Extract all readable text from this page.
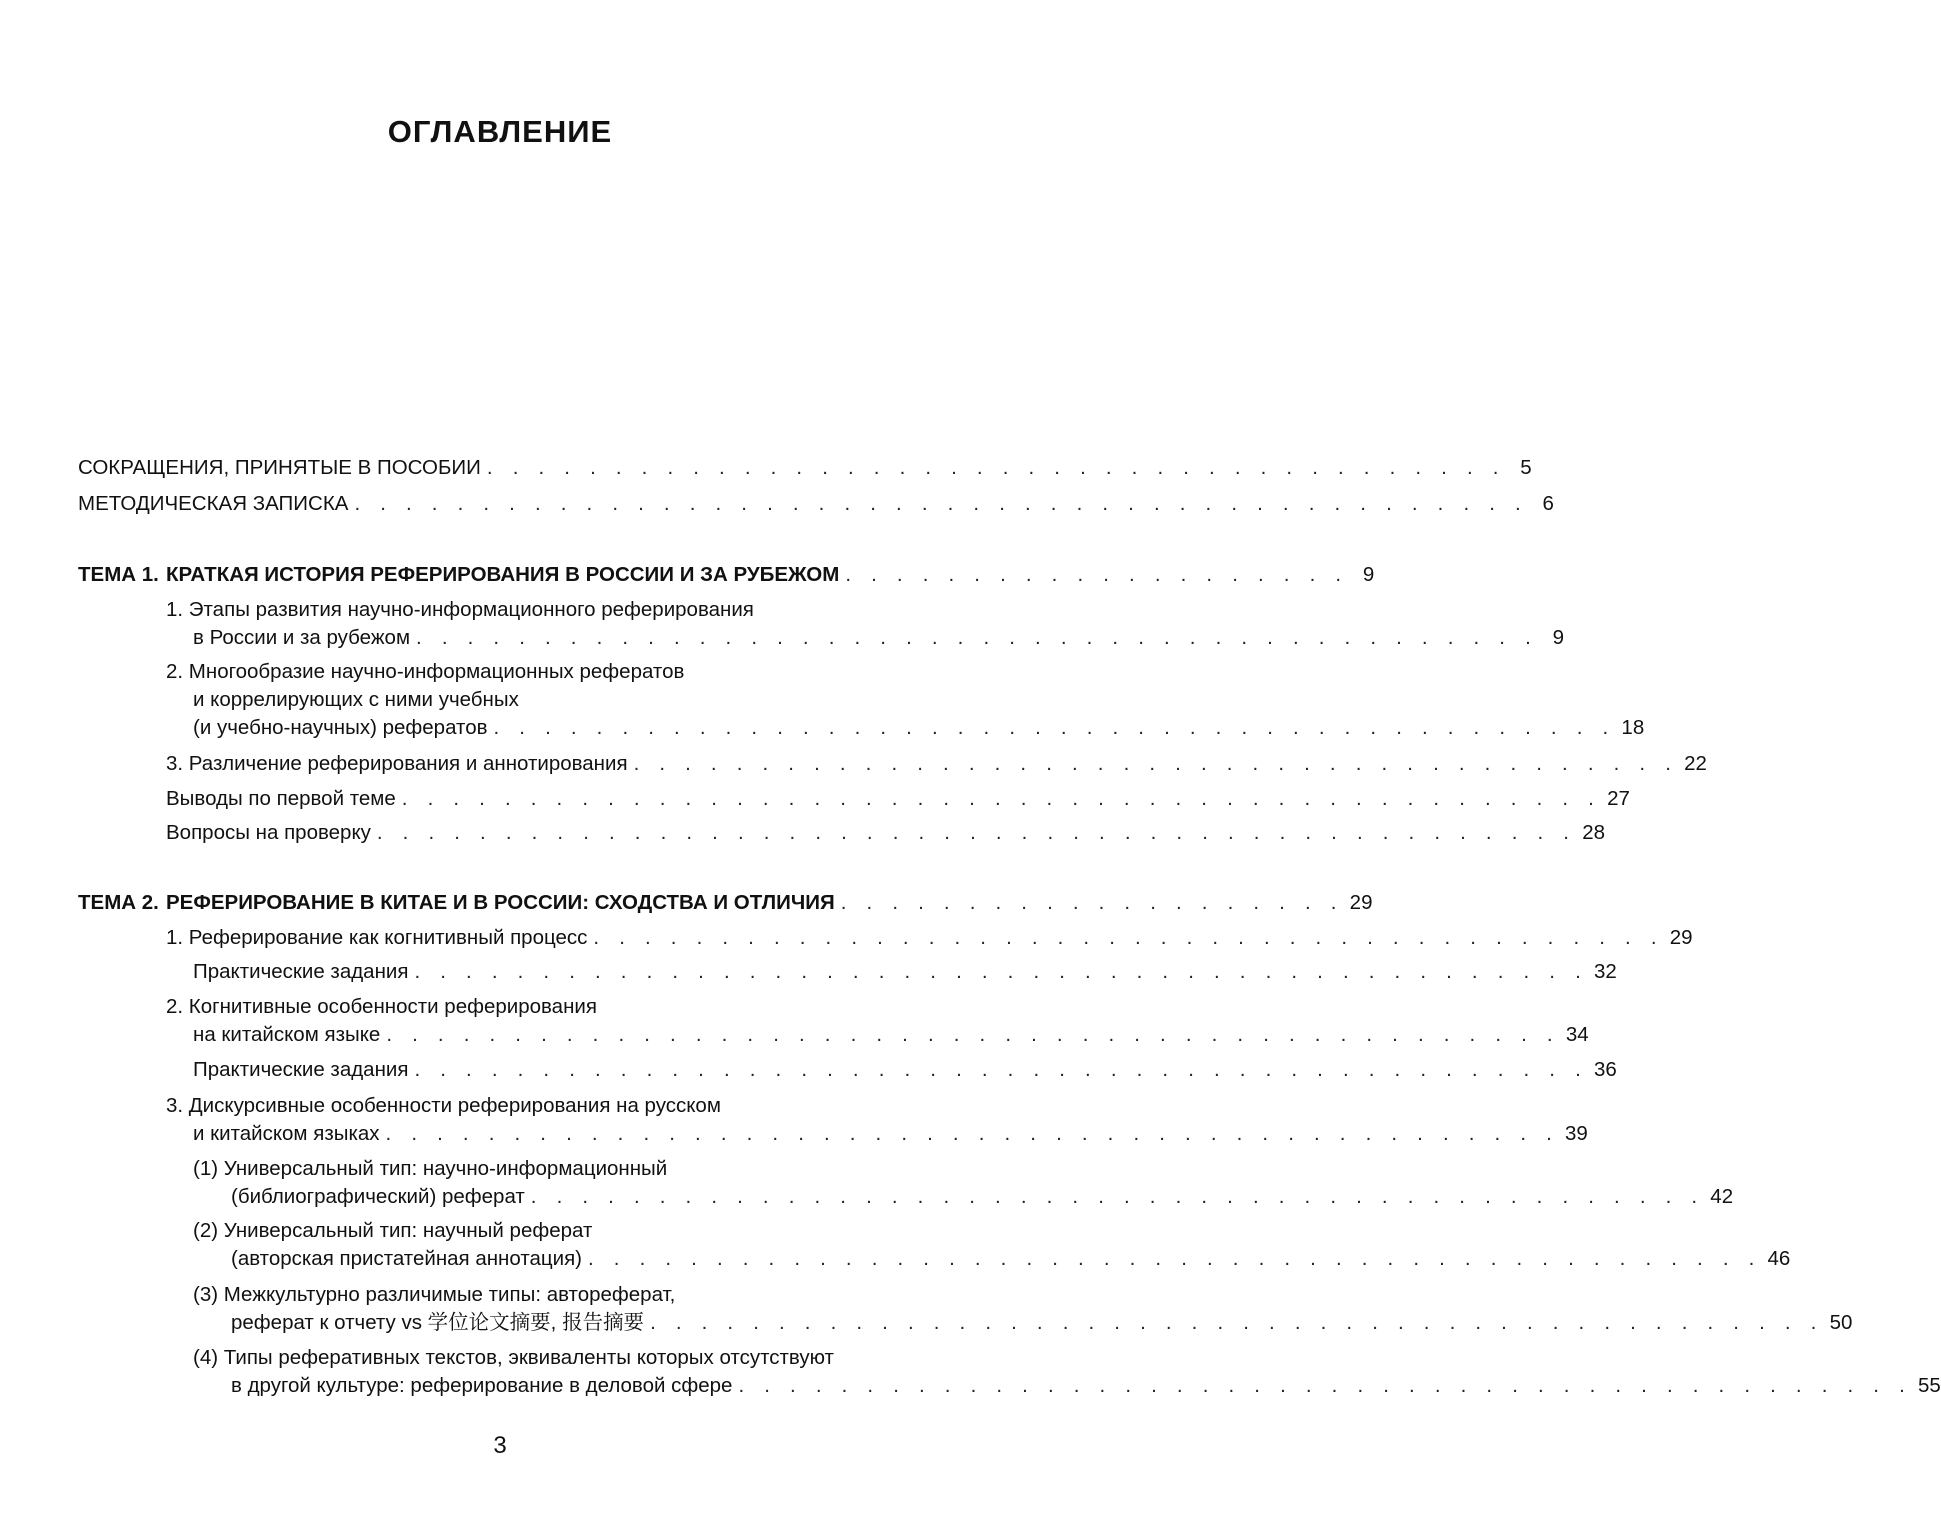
ОГЛАВЛЕНИЕ
СОКРАЩЕНИЯ, ПРИНЯТЫЕ В ПОСОБИИ . . . . . . . . . . . . . . . . . . . . . . . . . . . . . . . . . . . . . . . . 5
МЕТОДИЧЕСКАЯ ЗАПИСКА . . . . . . . . . . . . . . . . . . . . . . . . . . . . . . . . . . . . . . . . . . . . . . 6
ТЕМА 1. КРАТКАЯ ИСТОРИЯ РЕФЕРИРОВАНИЯ В РОССИИ И ЗА РУБЕЖОМ . . . . . . . . . . . . . . . . . . . . 9
1. Этапы развития научно-информационного реферирования
в России и за рубежом . . . . . . . . . . . . . . . . . . . . . . . . . . . . . . . . . . . . . . . . . . . . 9
2. Многообразие научно-информационных рефератов
и коррелирующих с ними учебных
(и учебно-научных) рефератов . . . . . . . . . . . . . . . . . . . . . . . . . . . . . . . . . . . . . . . . . . . . 18
3. Различение реферирования и аннотирования . . . . . . . . . . . . . . . . . . . . . . . . . . . . . . . . . . . . . . . . . 22
Выводы по первой теме . . . . . . . . . . . . . . . . . . . . . . . . . . . . . . . . . . . . . . . . . . . . . . . 27
Вопросы на проверку . . . . . . . . . . . . . . . . . . . . . . . . . . . . . . . . . . . . . . . . . . . . . . . 28
ТЕМА 2. РЕФЕРИРОВАНИЕ В КИТАЕ И В РОССИИ: СХОДСТВА И ОТЛИЧИЯ . . . . . . . . . . . . . . . . . . . . 29
1. Реферирование как когнитивный процесс . . . . . . . . . . . . . . . . . . . . . . . . . . . . . . . . . . . . . . . . . . 29
Практические задания . . . . . . . . . . . . . . . . . . . . . . . . . . . . . . . . . . . . . . . . . . . . . . 32
2. Когнитивные особенности реферирования
на китайском языке . . . . . . . . . . . . . . . . . . . . . . . . . . . . . . . . . . . . . . . . . . . . . . 34
Практические задания . . . . . . . . . . . . . . . . . . . . . . . . . . . . . . . . . . . . . . . . . . . . . . 36
3. Дискурсивные особенности реферирования на русском
и китайском языках . . . . . . . . . . . . . . . . . . . . . . . . . . . . . . . . . . . . . . . . . . . . . . 39
(1) Универсальный тип: научно-информационный
(библиографический) реферат . . . . . . . . . . . . . . . . . . . . . . . . . . . . . . . . . . . . . . . . . . . . . . 42
(2) Универсальный тип: научный реферат
(авторская пристатейная аннотация) . . . . . . . . . . . . . . . . . . . . . . . . . . . . . . . . . . . . . . . . . . . . . . 46
(3) Межкультурно различимые типы: автореферат,
реферат к отчету vs 学位论文摘要, 报告摘要 . . . . . . . . . . . . . . . . . . . . . . . . . . . . . . . . . . . . . . . . . . . . . . 50
(4) Типы реферативных текстов, эквиваленты которых отсутствуют
в другой культуре: реферирование в деловой сфере . . . . . . . . . . . . . . . . . . . . . . . . . . . . . . . . . . . . . . . . . . . . . . 55
3
